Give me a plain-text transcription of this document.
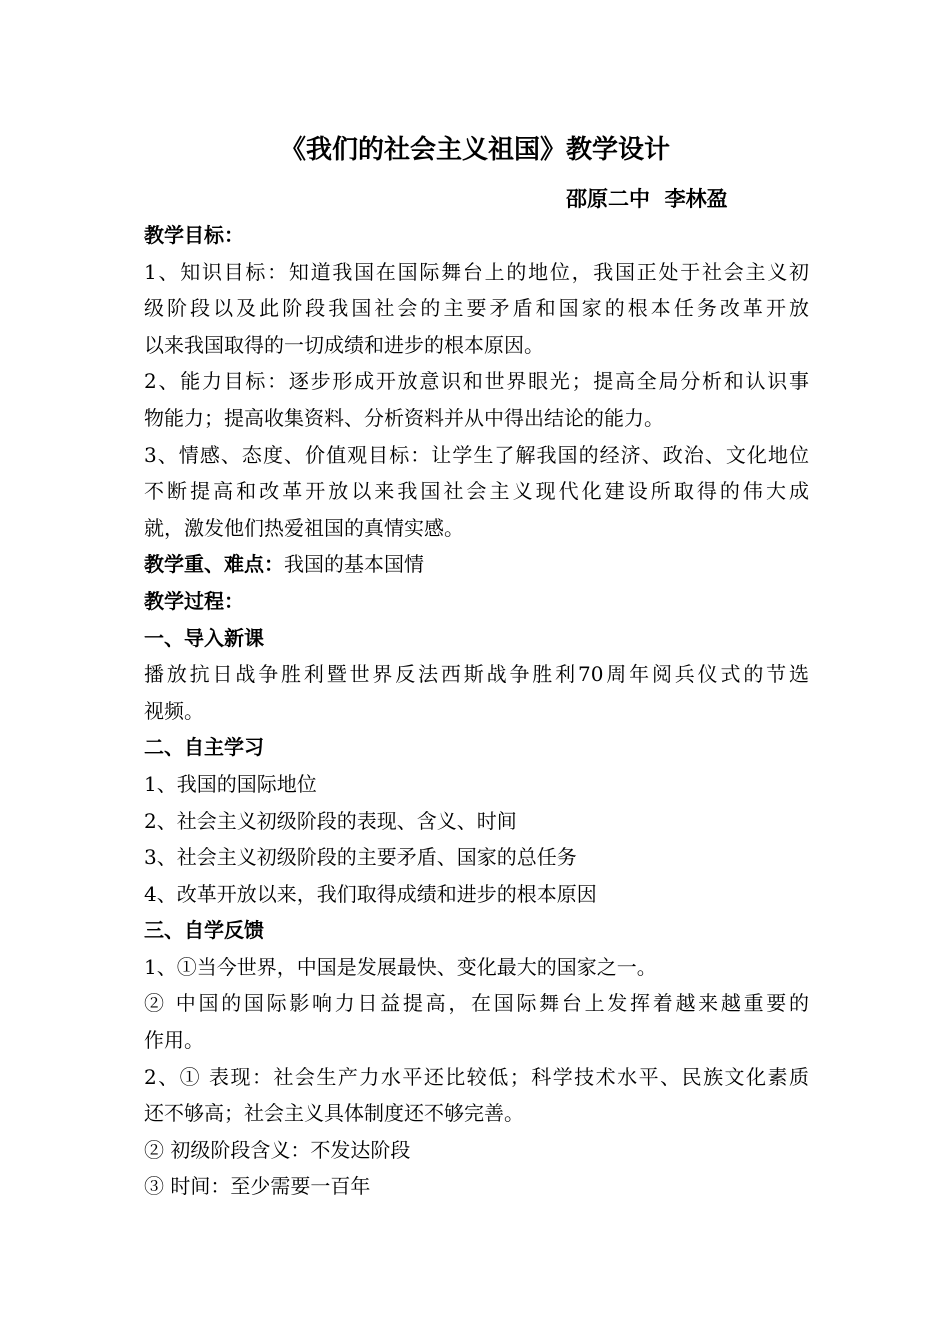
《我们的社会主义祖国》教学设计
邵原二中  李林盈
教学目标：
1、知识目标：知道我国在国际舞台上的地位，我国正处于社会主义初
级阶段以及此阶段我国社会的主要矛盾和国家的根本任务改革开放
以来我国取得的一切成绩和进步的根本原因。
2、能力目标：逐步形成开放意识和世界眼光；提高全局分析和认识事
物能力；提高收集资料、分析资料并从中得出结论的能力。
3、情感、态度、价值观目标：让学生了解我国的经济、政治、文化地位
不断提高和改革开放以来我国社会主义现代化建设所取得的伟大成
就，激发他们热爱祖国的真情实感。
教学重、难点：我国的基本国情
教学过程：
一、导入新课
播放抗日战争胜利暨世界反法西斯战争胜利70周年阅兵仪式的节选
视频。
二、自主学习
1、我国的国际地位
2、社会主义初级阶段的表现、含义、时间
3、社会主义初级阶段的主要矛盾、国家的总任务
4、改革开放以来，我们取得成绩和进步的根本原因
三、自学反馈
1、①当今世界，中国是发展最快、变化最大的国家之一。
② 中国的国际影响力日益提高，在国际舞台上发挥着越来越重要的
作用。
2、① 表现：社会生产力水平还比较低；科学技术水平、民族文化素质
还不够高；社会主义具体制度还不够完善。
② 初级阶段含义：不发达阶段
③ 时间：至少需要一百年
